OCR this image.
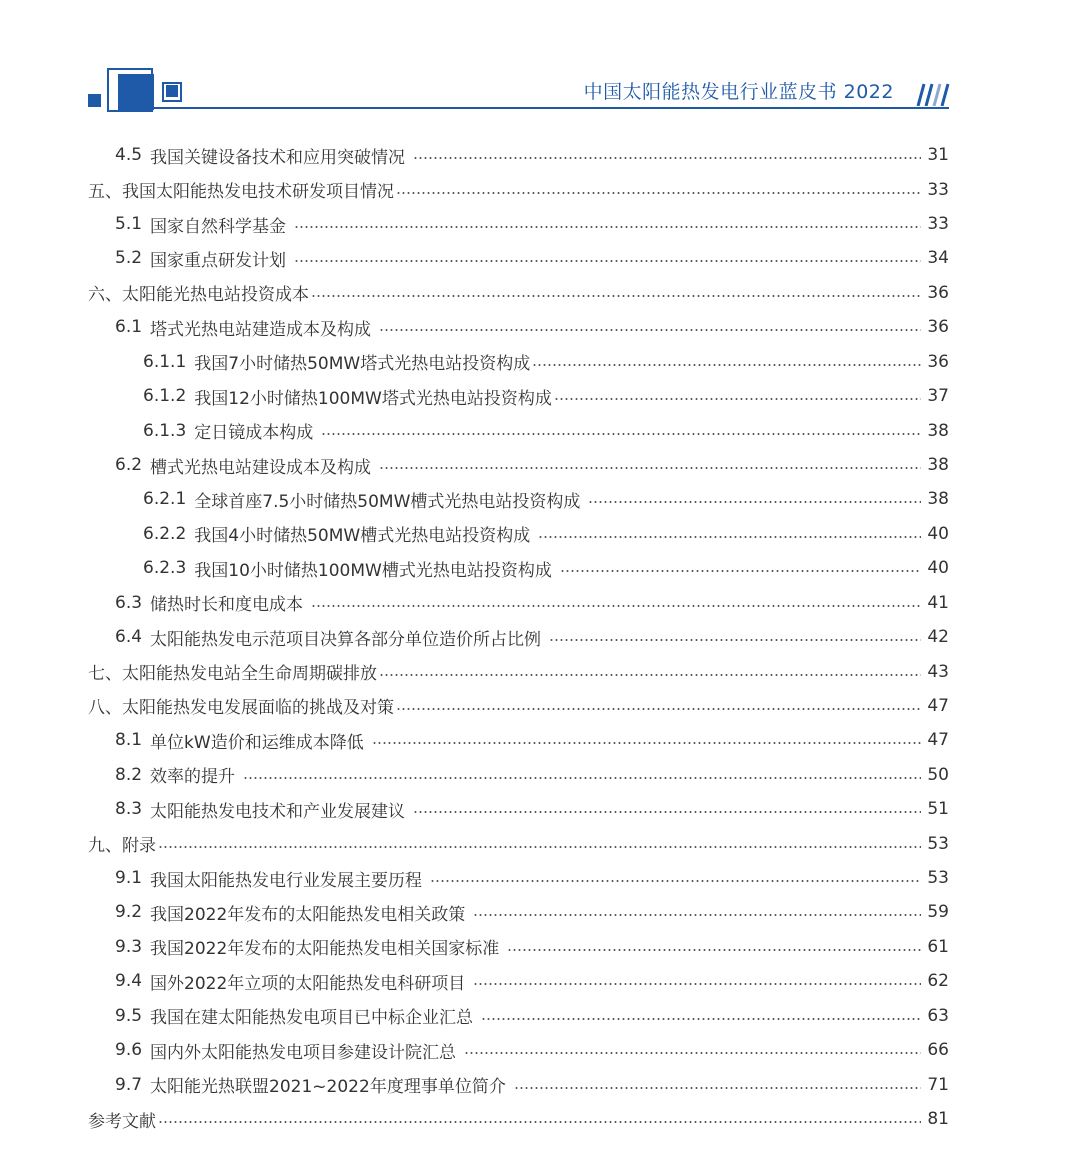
中国太阳能热发电行业蓝皮书 2022
4.5 我国关键设备技术和应用突破情况	31
五、我国太阳能热发电技术研发项目情况	33
5.1 国家自然科学基金	33
5.2 国家重点研发计划	34
六、太阳能光热电站投资成本	36
6.1 塔式光热电站建造成本及构成	36
6.1.1 我国7小时储热50MW塔式光热电站投资构成	36
6.1.2 我国12小时储热100MW塔式光热电站投资构成	37
6.1.3 定日镜成本构成	38
6.2 槽式光热电站建设成本及构成	38
6.2.1 全球首座7.5小时储热50MW槽式光热电站投资构成	38
6.2.2 我国4小时储热50MW槽式光热电站投资构成	40
6.2.3 我国10小时储热100MW槽式光热电站投资构成	40
6.3 储热时长和度电成本	41
6.4 太阳能热发电示范项目决算各部分单位造价所占比例	42
七、太阳能热发电站全生命周期碳排放	43
八、太阳能热发电发展面临的挑战及对策	47
8.1 单位kW造价和运维成本降低	47
8.2 效率的提升	50
8.3 太阳能热发电技术和产业发展建议	51
九、附录	53
9.1 我国太阳能热发电行业发展主要历程	53
9.2 我国2022年发布的太阳能热发电相关政策	59
9.3 我国2022年发布的太阳能热发电相关国家标准	61
9.4 国外2022年立项的太阳能热发电科研项目	62
9.5 我国在建太阳能热发电项目已中标企业汇总	63
9.6 国内外太阳能热发电项目参建设计院汇总	66
9.7 太阳能光热联盟2021~2022年度理事单位简介	71
参考文献	81
